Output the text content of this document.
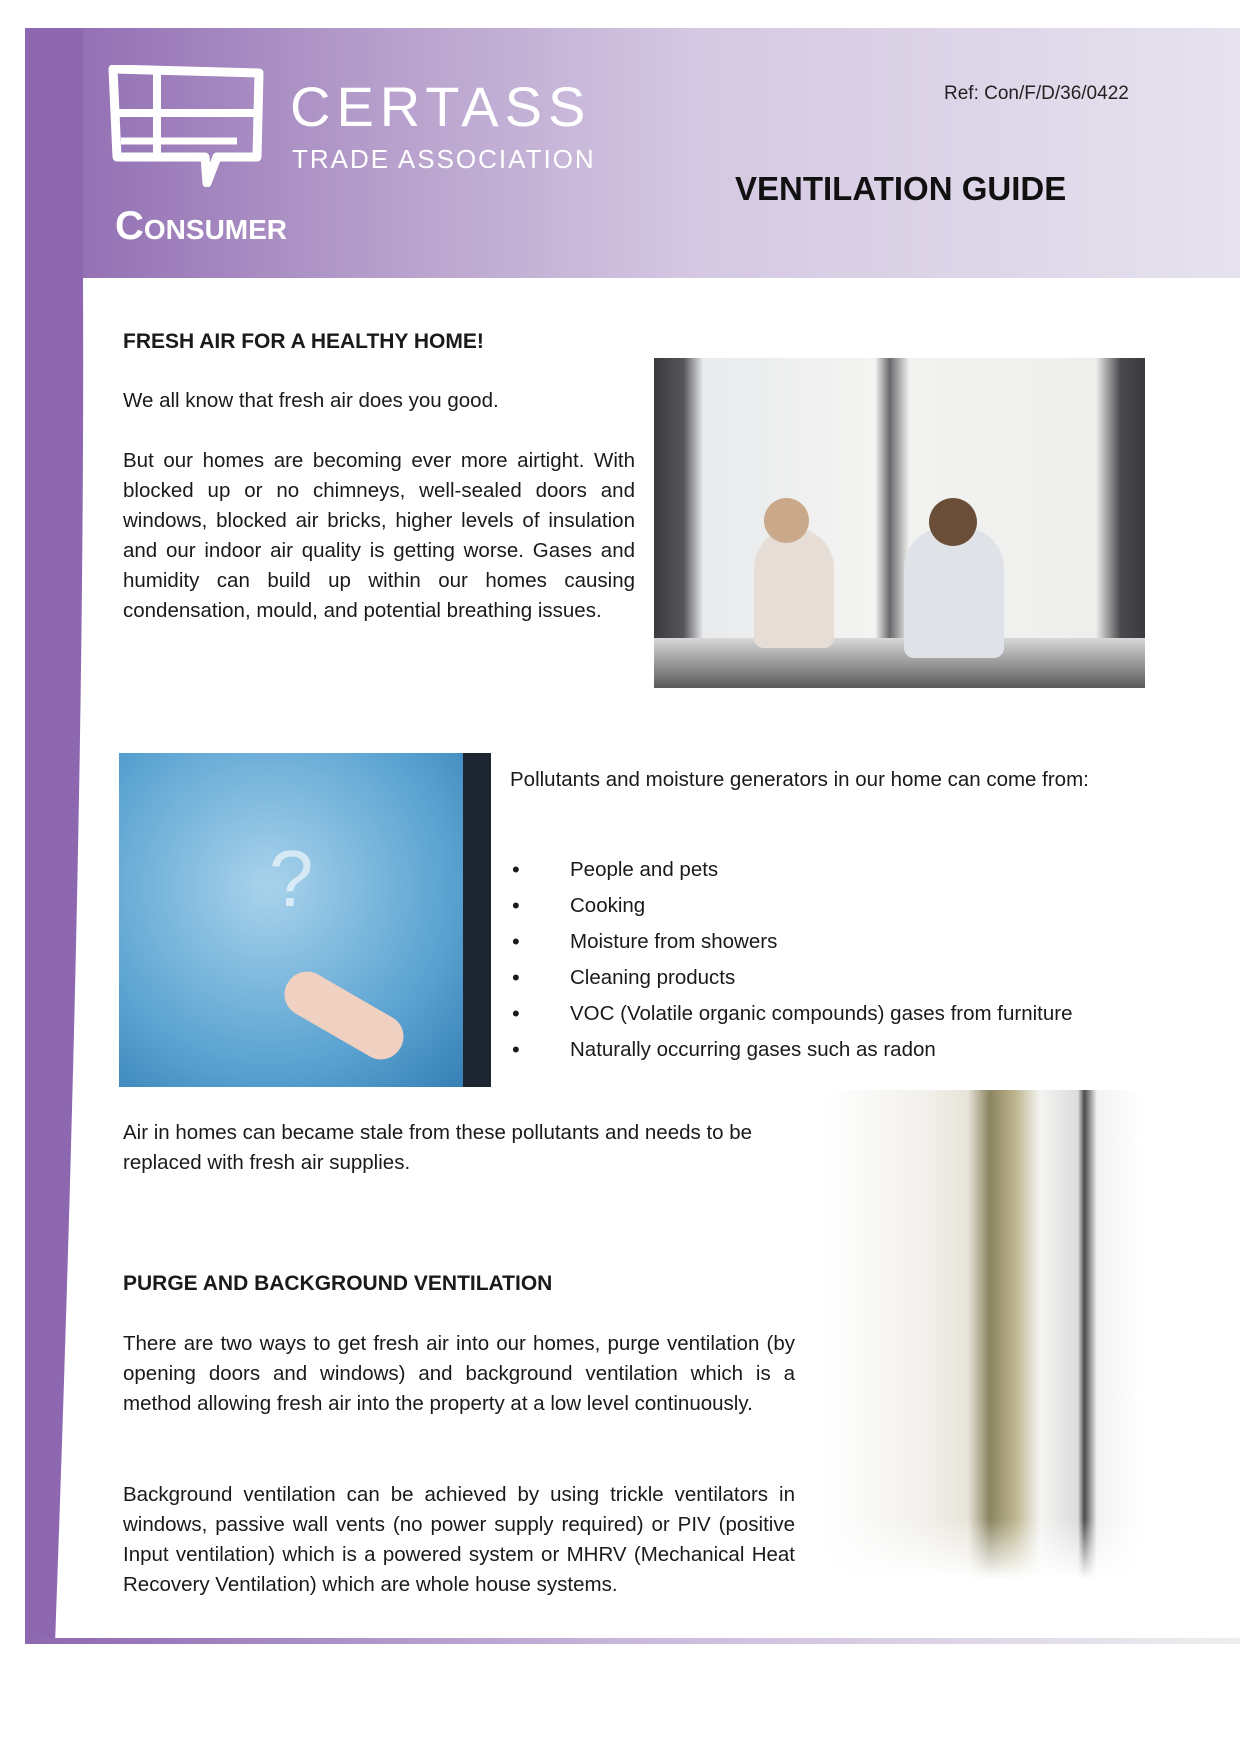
CERTASS
TRADE ASSOCIATION
Consumer
Ref: Con/F/D/36/0422
VENTILATION GUIDE
FRESH AIR FOR A HEALTHY HOME!

We all know that fresh air does you good.

But our homes are becoming ever more airtight. With blocked up or no chimneys, well-sealed doors and windows, blocked air bricks, higher levels of insulation and our indoor air quality is getting worse. Gases and humidity can build up within our homes causing condensation, mould, and potential breathing issues.

?

Pollutants and moisture generators in our home can come from:

• People and pets
• Cooking
• Moisture from showers
• Cleaning products
• VOC (Volatile organic compounds) gases from furniture
• Naturally occurring gases such as radon

Air in homes can became stale from these pollutants and needs to be replaced with fresh air supplies.

PURGE AND BACKGROUND VENTILATION

There are two ways to get fresh air into our homes, purge ventilation (by opening doors and windows) and background ventilation which is a method allowing fresh air into the property at a low level continuously.

Background ventilation can be achieved by using trickle ventilators in windows, passive wall vents (no power supply required) or PIV (positive Input ventilation) which is a powered system or MHRV (Mechanical Heat Recovery Ventilation) which are whole house systems.
